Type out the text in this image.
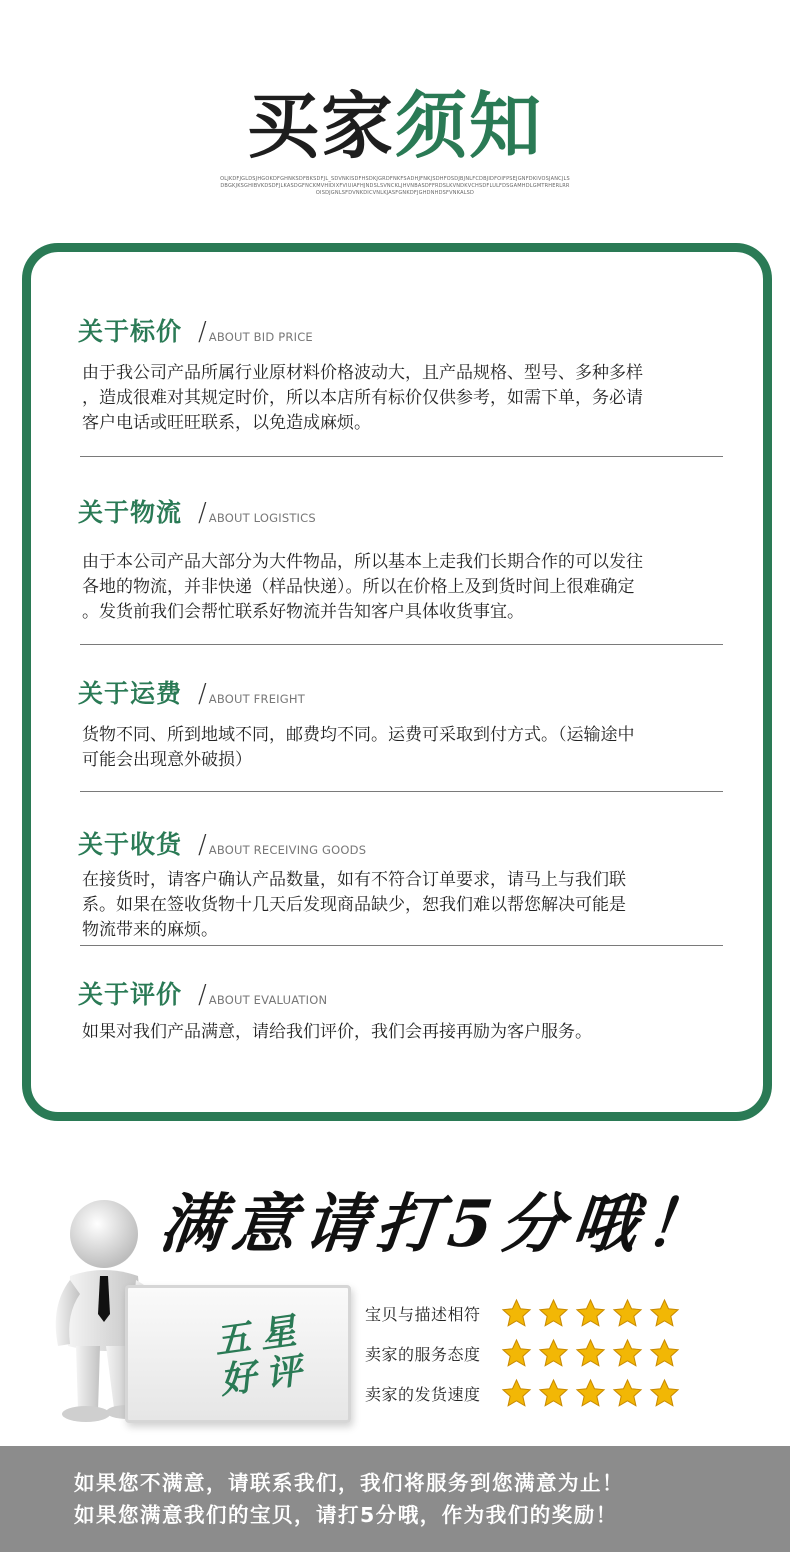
买家须知
OLJKDFJGLDSJHGOKDFGHNKSDFBKSDFJL_SDVNKISDFHSDKJGRDFNKFSADHJFNKJSDHFOSDJBJNLFCDBJIDFOIFPSEJGNFDKIVOSJANCJLSDBGKJKSGHIBVKDSDFJLKASDGFNCKMVHIDIXFVIUIAFHJNDSLSVNCKLJHVNBASDFFRDSLKVNDKVCHSDFLULFDSGAMHDLGMTRHERLRROISDJGNLSFDVNKDICVNLKJASFGNKDFJGHDNHDSFVNKALSD
关于标价 / ABOUT BID PRICE
由于我公司产品所属行业原材料价格波动大，且产品规格、型号、多种多样
，造成很难对其规定时价，所以本店所有标价仅供参考，如需下单，务必请
客户电话或旺旺联系，以免造成麻烦。
关于物流 / ABOUT LOGISTICS
由于本公司产品大部分为大件物品，所以基本上走我们长期合作的可以发往
各地的物流，并非快递（样品快递）。所以在价格上及到货时间上很难确定
。发货前我们会帮忙联系好物流并告知客户具体收货事宜。
关于运费 / ABOUT FREIGHT
货物不同、所到地域不同，邮费均不同。运费可采取到付方式。（运输途中
可能会出现意外破损）
关于收货 / ABOUT RECEIVING GOODS
在接货时，请客户确认产品数量，如有不符合订单要求，请马上与我们联
系。如果在签收货物十几天后发现商品缺少，恕我们难以帮您解决可能是
物流带来的麻烦。
关于评价 / ABOUT EVALUATION
如果对我们产品满意，请给我们评价，我们会再接再励为客户服务。
满意请打5分哦！
五 星
好 评
宝贝与描述相符
卖家的服务态度
卖家的发货速度
如果您不满意，请联系我们，我们将服务到您满意为止！
如果您满意我们的宝贝，请打5分哦，作为我们的奖励！
